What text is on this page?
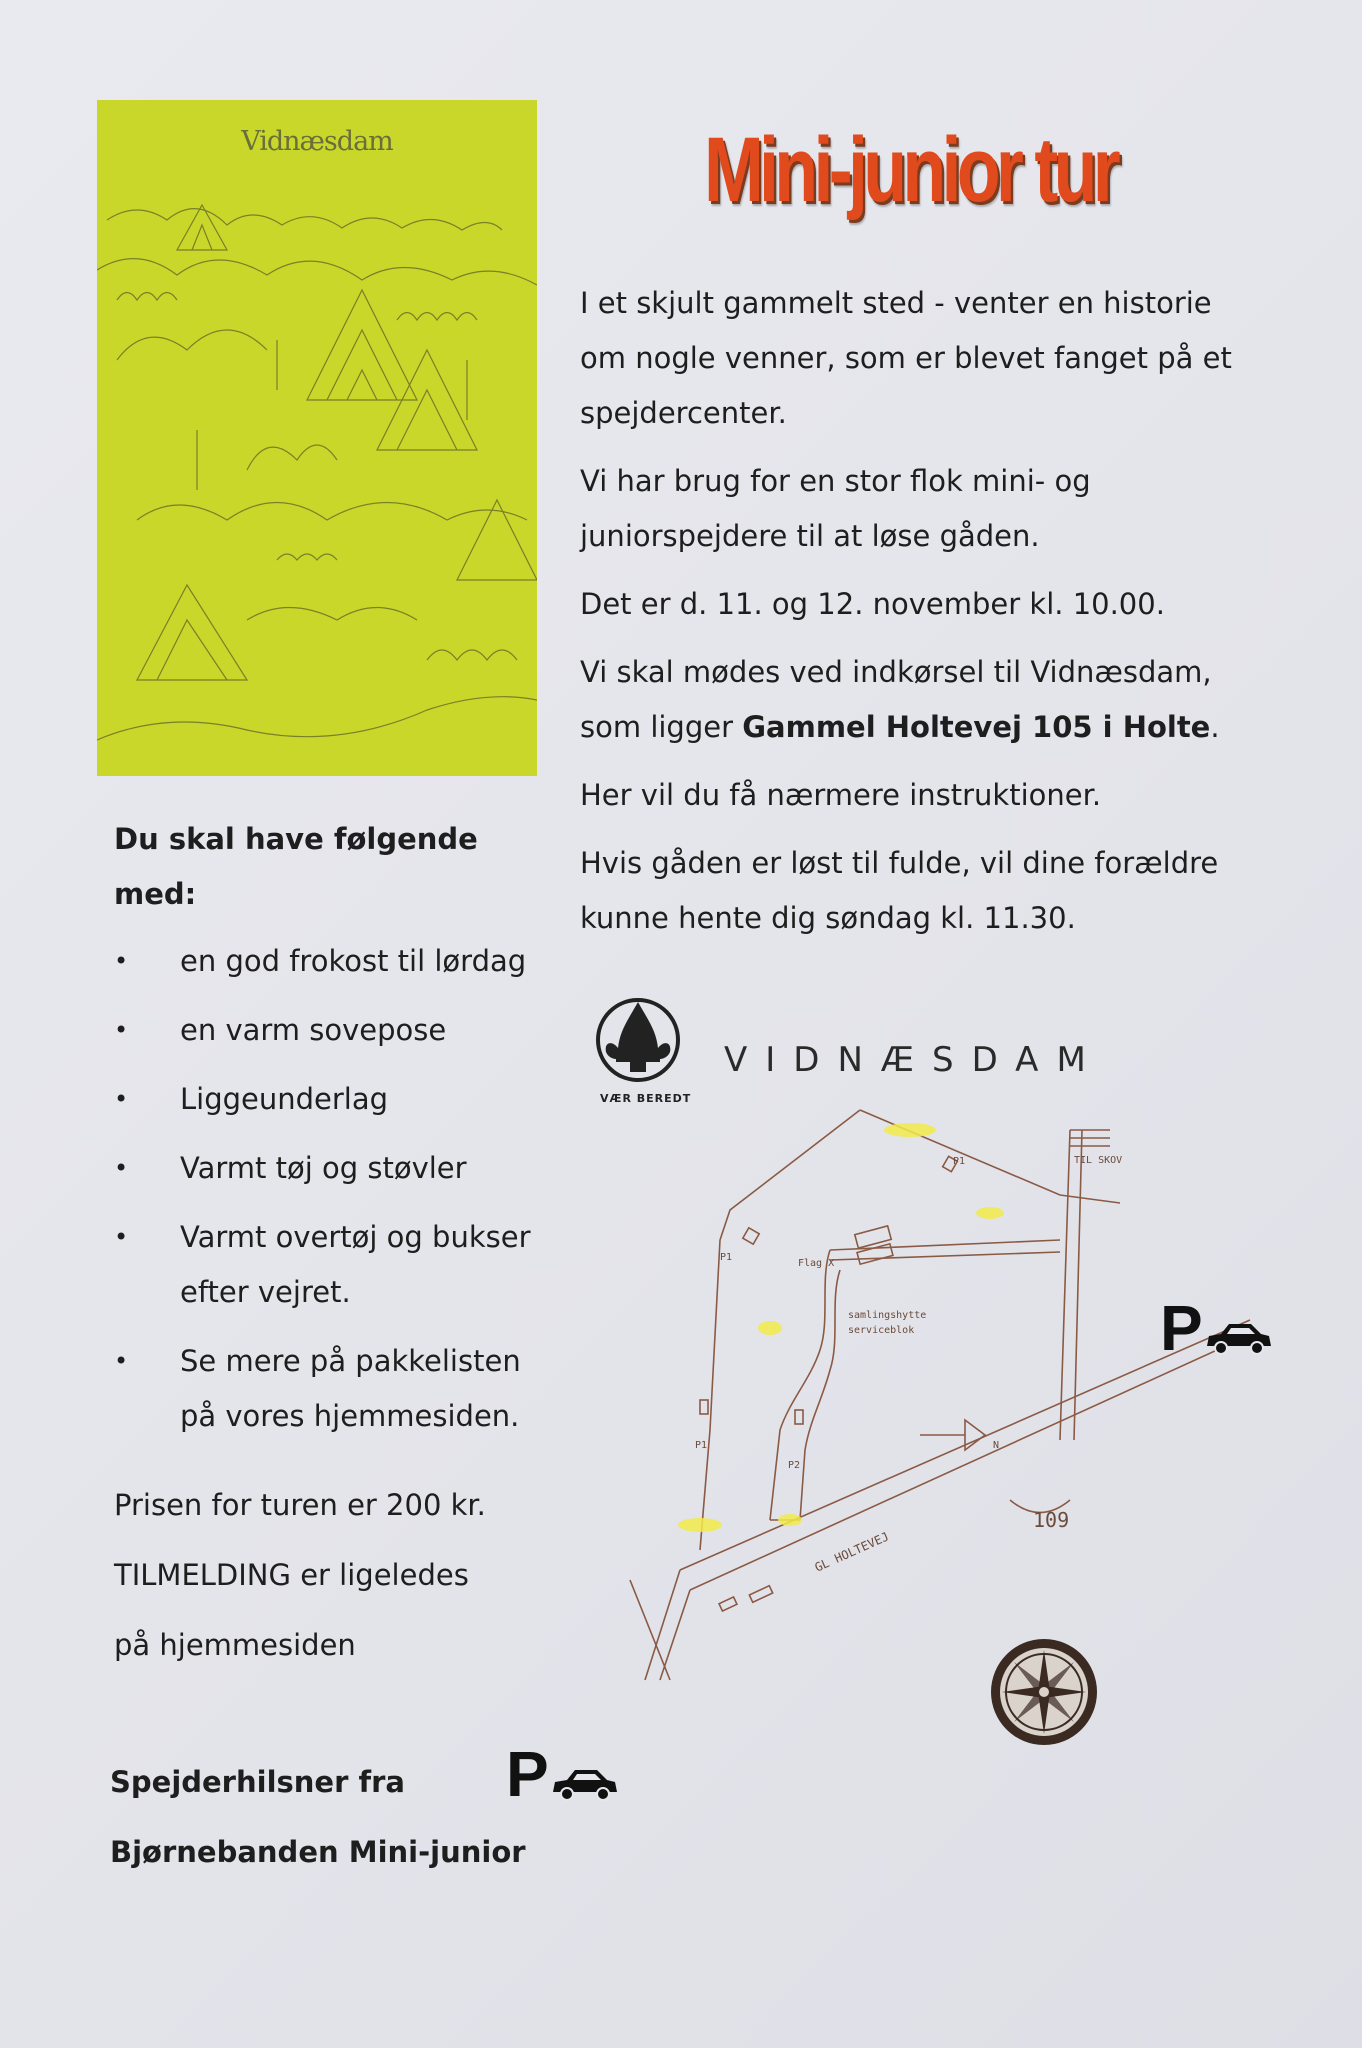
Vidnæsdam	Mini-junior tur

I et skjult gammelt sted - venter en historie om nogle venner, som er blevet fanget på et spejdercenter.

Vi har brug for en stor flok mini- og juniorspejdere til at løse gåden.

Det er d. 11. og 12. november kl. 10.00.

Vi skal mødes ved indkørsel til Vidnæsdam, som ligger Gammel Holtevej 105 i Holte.

Her vil du få nærmere instruktioner.

Hvis gåden er løst til fulde, vil dine forældre kunne hente dig søndag kl. 11.30.

Du skal have følgende med:
• en god frokost til lørdag
• en varm sovepose
• Liggeunderlag
• Varmt tøj og støvler
• Varmt overtøj og bukser efter vejret.
• Se mere på pakkelisten på vores hjemmesiden.
Prisen for turen er 200 kr.
TILMELDING er ligeledes
på hjemmesiden
Spejderhilsner fra
Bjørnebanden Mini-junior
P
VÆR BEREDT
VIDNÆSDAM
P1
P1
P1
P2
Flag X
samlingshytte
serviceblok
GL HOLTEVEJ
109
N
TIL SKOV
P
